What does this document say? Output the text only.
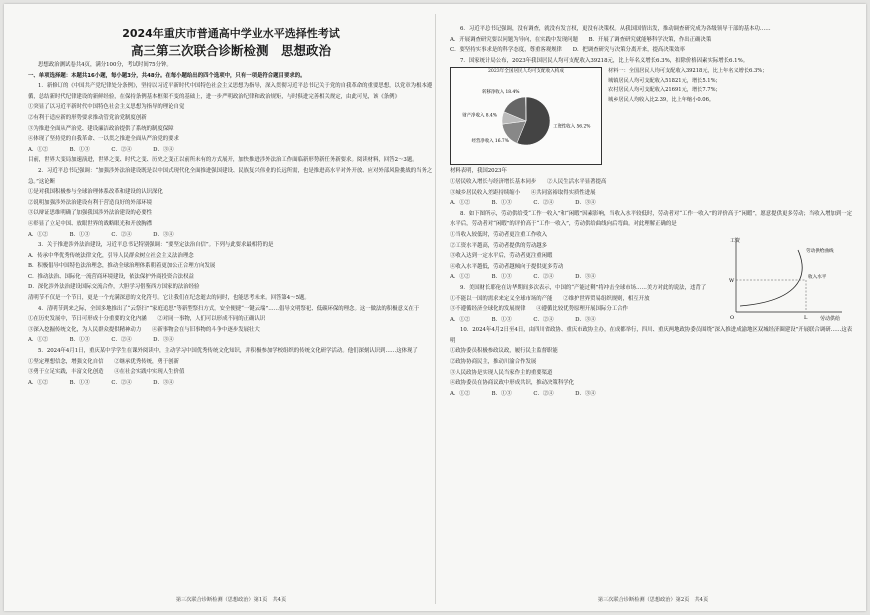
2024年重庆市普通高中学业水平选择性考试
高三第三次联合诊断检测　思想政治

思想政治测试卷共4页，满分100分，考试时间75分钟。

一、单项选择题：本题共16小题，每小题3分，共48分。在每小题给出的四个选项中，只有一项是符合题目要求的。

1．新修订的《中国共产党纪律处分条例》，坚持以习近平新时代中国特色社会主义思想为指导，深入贯彻习近平总书记关于党的自我革命的重要思想，以党章为根本遵循，总结新时代纪律建设的新鲜经验，在保持条例基本框架不变的基础上，进一步严明政治纪律和政治规矩，与时俱进完善相关规定，由此可见，该《条例》

①突显了以习近平新时代中国特色社会主义思想为指导的理论自觉

②有利于适应新的形势要求推动管党治党制度创新

③为推进全面从严治党、建设廉洁政治提供了系统的制度保障

④体现了坚持党的自我革命、一以贯之推进全面从严治党的要求

A．①②　　　　B．①③　　　　C．②④　　　　D．③④

目前，世界大变局加速演进，世界之变、时代之变、历史之变正以前所未有的方式展开，加快推进涉外法治工作面临新形势新任务新要求。阅读材料，回答2～3题。

2．习近平总书记强调：“加强涉外法治建设既是以中国式现代化全面推进强国建设、民族复兴伟业的长远所需，也是推进高水平对外开放、应对外部风险挑战的当务之急。”这论断

①是对我国积极参与全球治理体系改革和建设的认识深化

②说明加强涉外法治建设有利于营造良好的外部环境

③以辩证思维明确了加强我国涉外法治建设的必要性

④彰显了立足中国、放眼世界的战略眼光和开放胸襟

A．①②　　　　B．①③　　　　C．②④　　　　D．③④

3．关于推进涉外法治建设，习近平总书记特别强调：“要坚定法治自信”。下列与此要求最相符的是

A．传承中华优秀传统法律文化，引导人民群众树立社会主义法治理念

B．积极倡导中国特色法治理念，推动全球治理体系朝着更加公正合理方向发展

C．推动法治、国际化一流营商环境建设，依法保护外商投资合法权益

D．深化涉外法治建设国际交流合作，大胆学习借鉴西方国家的法治经验

清明节不仅是一个节日，更是一个充满深意的文化符号。它让我们在纪念逝去的同时，也能思考未来。回答第4～5题。

4．清明节到来之际，全国多地推出了“云祭扫”“家庭追思”等新型祭扫方式，安全便捷“一键云端”……倡导文明祭祀、低碳环保的理念。这一做法的积极意义在于

①在历史发展中，节日可形成十分重要的文化内涵　　②对同一事物，人们可以形成不同的正确认识

③深入挖掘传统文化，为人民群众提供精神动力　　④新事物会在与旧事物的斗争中逐步发展壮大

A．①②　　　　B．①③　　　　C．②④　　　　D．③④

5．2024年4月1日，重庆某中学学生在课外阅读中，主动学习中国优秀传统文化知识，并积极参加学校组织的传统文化研学活动。他们深刻认识到……这体现了

①坚定理想信念，增强文化自信　　②继承优秀传统，勇于创新

③勇于立足实践，丰富文化创造　　④在社会实践中实现人生价值

A．①②　　　　B．①③　　　　C．②④　　　　D．③④

6．习近平总书记强调，没有调查，就没有发言权，更没有决策权。从我国国情出发，推动调查研究成为各级领导干部的基本功……

A．开展调查研究要以问题为导向，在实践中发现问题　　B．开展了调查研究就能够科学决策，作出正确决策

C．要坚持实事求是的科学态度，尊重客观规律　　D．把调查研究与决策分离开来，提高决策效率

7．国家统计局公布，2023年我国居民人均可支配收入39218元，比上年名义增长6.3%，扣除价格因素实际增长6.1%。

2023年全国居民人均可支配收入构成
工资性收入 56.2%
经营净收入 16.7%
财产净收入 8.4%
转移净收入 18.4%
材料一：全国居民人均可支配收入39218元，比上年名义增长6.3%；
城镇居民人均可支配收入51821元，增长5.1%；
农村居民人均可支配收入21691元，增长7.7%；
城乡居民人均收入比2.39，比上年缩小0.06。

材料表明，我国2023年

①居民收入增长与经济增长基本同步　　②人民生活水平显著提高

③城乡居民收入差距持续缩小　　④共同富裕取得实质性进展

A．①②　　　　B．①③　　　　C．②④　　　　D．③④

8．如下图所示，劳动供给受“工作一收入”和“闲暇”因素影响，当收入水平较低时，劳动者对“工作一收入”的评价高于“闲暇”，愿意提供更多劳动；当收入增加到一定水平后，劳动者对“闲暇”的评价高于“工作一收入”，劳动供给曲线向后弯曲。对此理解正确的是

工资
劳动供给
W
O	L
劳动供给曲线
收入水平

①当收入较低时，劳动者更注重工作收入

②工资水平越高，劳动者提供的劳动越多

③收入达到一定水平后，劳动者更注重闲暇

④收入水平越低，劳动者越倾向于提供更多劳动

A．①②　　　　B．①③　　　　C．②④　　　　D．③④

9．美国财长耶伦在访华期间多次表示，中国的“产能过剩”将冲击全球市场……美方对此的说法，违背了

①不能以一国的需求来定义全球市场的产能　　②维护世界贸易组织规则，相互开放

③不遵循经济全球化的发展规律　　④遵循比较优势原理开展国际分工合作

A．①②　　　　B．①③　　　　C．②④　　　　D．③④

10．2024年4月2日至4日，由四川省政协、重庆市政协主办，在成都举行，四川、重庆两地政协委员围绕“深入推进成渝地区双城经济圈建设”开展联合调研……这表明

①政协委员积极参政议政，履行民主监督职能

②政协协商民主，推动川渝合作发展

③人民政协是实现人民当家作主的重要渠道

④政协委员在协商议政中形成共识，推动决策科学化

A．①②　　　　B．①③　　　　C．②④　　　　D．③④

第三次联合诊断检测（思想政治）第1页　共4页	第三次联合诊断检测（思想政治）第2页　共4页
